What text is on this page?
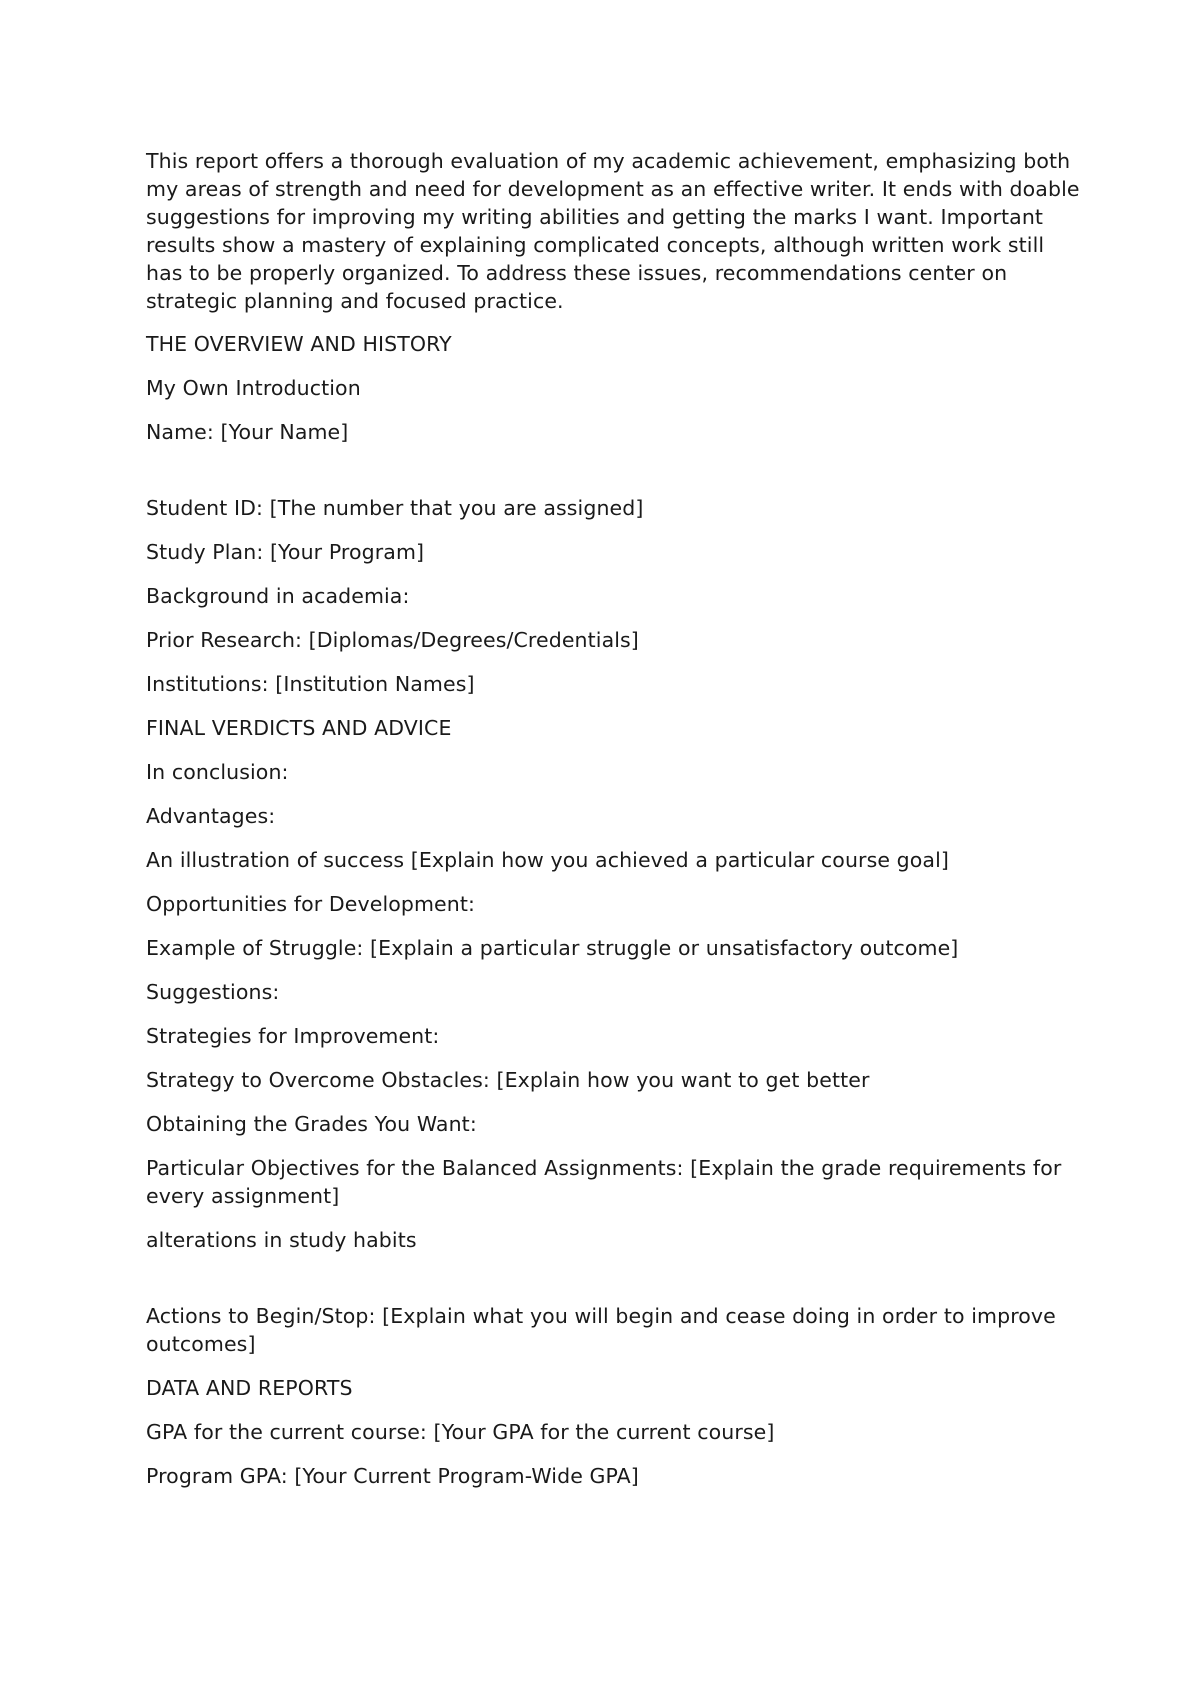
This report offers a thorough evaluation of my academic achievement, emphasizing both my areas of strength and need for development as an effective writer. It ends with doable suggestions for improving my writing abilities and getting the marks I want. Important results show a mastery of explaining complicated concepts, although written work still has to be properly organized. To address these issues, recommendations center on strategic planning and focused practice.

THE OVERVIEW AND HISTORY

My Own Introduction

Name: [Your Name]

Student ID: [The number that you are assigned]

Study Plan: [Your Program]

Background in academia:

Prior Research: [Diplomas/Degrees/Credentials]

Institutions: [Institution Names]

FINAL VERDICTS AND ADVICE

In conclusion:

Advantages:

An illustration of success [Explain how you achieved a particular course goal]

Opportunities for Development:

Example of Struggle: [Explain a particular struggle or unsatisfactory outcome]

Suggestions:

Strategies for Improvement:

Strategy to Overcome Obstacles: [Explain how you want to get better

Obtaining the Grades You Want:

Particular Objectives for the Balanced Assignments: [Explain the grade requirements for every assignment]

alterations in study habits

Actions to Begin/Stop: [Explain what you will begin and cease doing in order to improve outcomes]

DATA AND REPORTS

GPA for the current course: [Your GPA for the current course]

Program GPA: [Your Current Program-Wide GPA]
